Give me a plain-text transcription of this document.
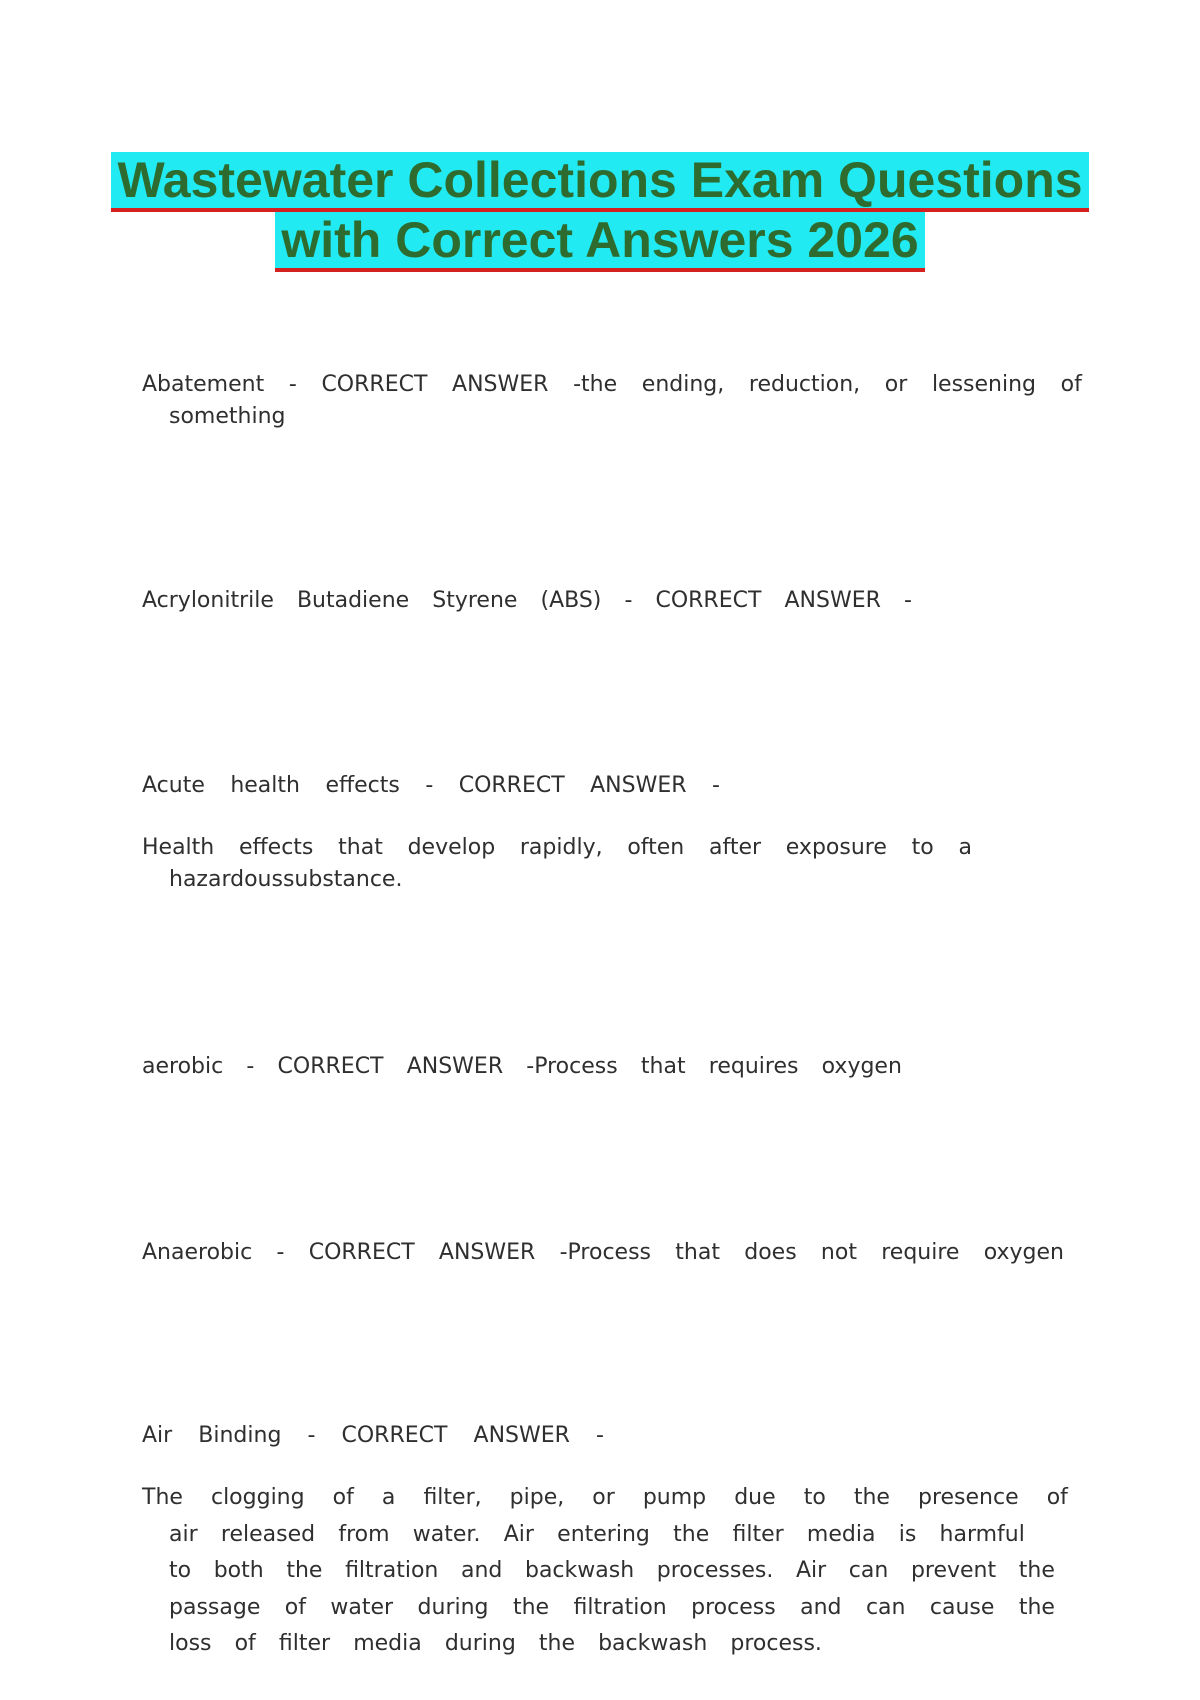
Wastewater Collections Exam Questions
with Correct Answers 2026
Abatement - CORRECT ANSWER -the ending, reduction, or lessening of
something
Acrylonitrile Butadiene Styrene (ABS) - CORRECT ANSWER -
Acute health effects - CORRECT ANSWER -
Health effects that develop rapidly, often after exposure to a
hazardous substance.
aerobic - CORRECT ANSWER -Process that requires oxygen
Anaerobic - CORRECT ANSWER -Process that does not require oxygen
Air Binding - CORRECT ANSWER -
The clogging of a filter, pipe, or pump due to the presence of
air released from water. Air entering the filter media is harmful
to both the filtration and backwash processes. Air can prevent the
passage of water during the filtration process and can cause the
loss of filter media during the backwash process.
